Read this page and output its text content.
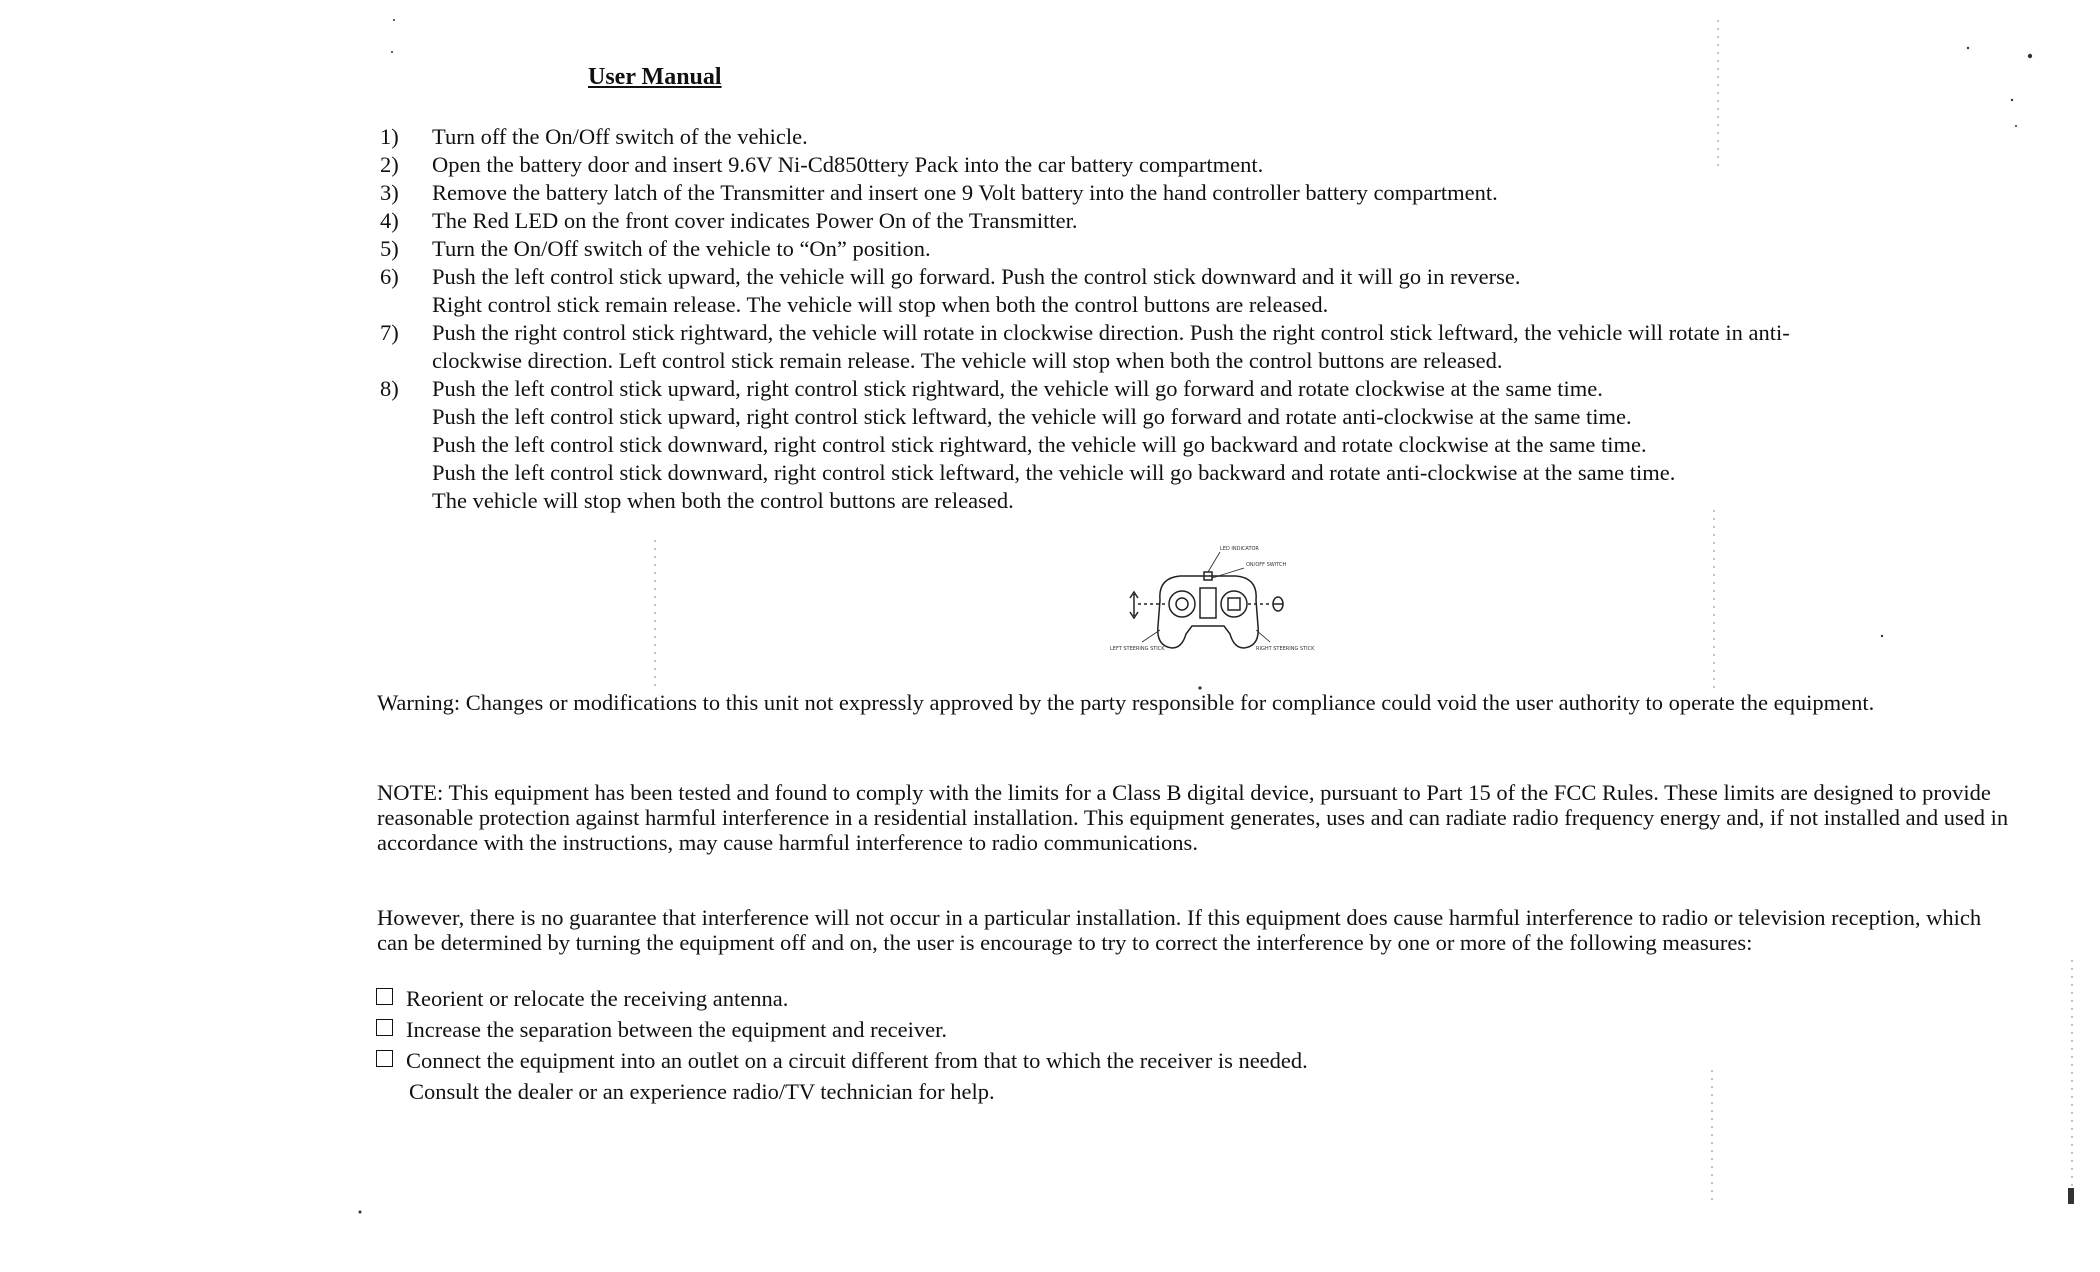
User Manual
1) Turn off the On/Off switch of the vehicle.
2) Open the battery door and insert 9.6V Ni-Cd850ttery Pack into the car battery compartment.
3) Remove the battery latch of the Transmitter and insert one 9 Volt battery into the hand controller battery compartment.
4) The Red LED on the front cover indicates Power On of the Transmitter.
5) Turn the On/Off switch of the vehicle to “On” position.
6) Push the left control stick upward, the vehicle will go forward. Push the control stick downward and it will go in reverse.
Right control stick remain release. The vehicle will stop when both the control buttons are released.
7) Push the right control stick rightward, the vehicle will rotate in clockwise direction. Push the right control stick leftward, the vehicle will rotate in anti-
clockwise direction. Left control stick remain release. The vehicle will stop when both the control buttons are released.
8) Push the left control stick upward, right control stick rightward, the vehicle will go forward and rotate clockwise at the same time.
Push the left control stick upward, right control stick leftward, the vehicle will go forward and rotate anti-clockwise at the same time.
Push the left control stick downward, right control stick rightward, the vehicle will go backward and rotate clockwise at the same time.
Push the left control stick downward, right control stick leftward, the vehicle will go backward and rotate anti-clockwise at the same time.
The vehicle will stop when both the control buttons are released.
LED INDICATOR
ON/OFF SWITCH
LEFT STEERING STICK	RIGHT STEERING STICK

Warning: Changes or modifications to this unit not expressly approved by the party responsible for compliance could void the user authority to operate the equipment.

NOTE: This equipment has been tested and found to comply with the limits for a Class B digital device, pursuant to Part 15 of the FCC Rules. These limits are designed to provide reasonable protection against harmful interference in a residential installation. This equipment generates, uses and can radiate radio frequency energy and, if not installed and used in accordance with the instructions, may cause harmful interference to radio communications.

However, there is no guarantee that interference will not occur in a particular installation. If this equipment does cause harmful interference to radio or television reception, which can be determined by turning the equipment off and on, the user is encourage to try to correct the interference by one or more of the following measures:

Reorient or relocate the receiving antenna.
Increase the separation between the equipment and receiver.
Connect the equipment into an outlet on a circuit different from that to which the receiver is needed.
Consult the dealer or an experience radio/TV technician for help.
